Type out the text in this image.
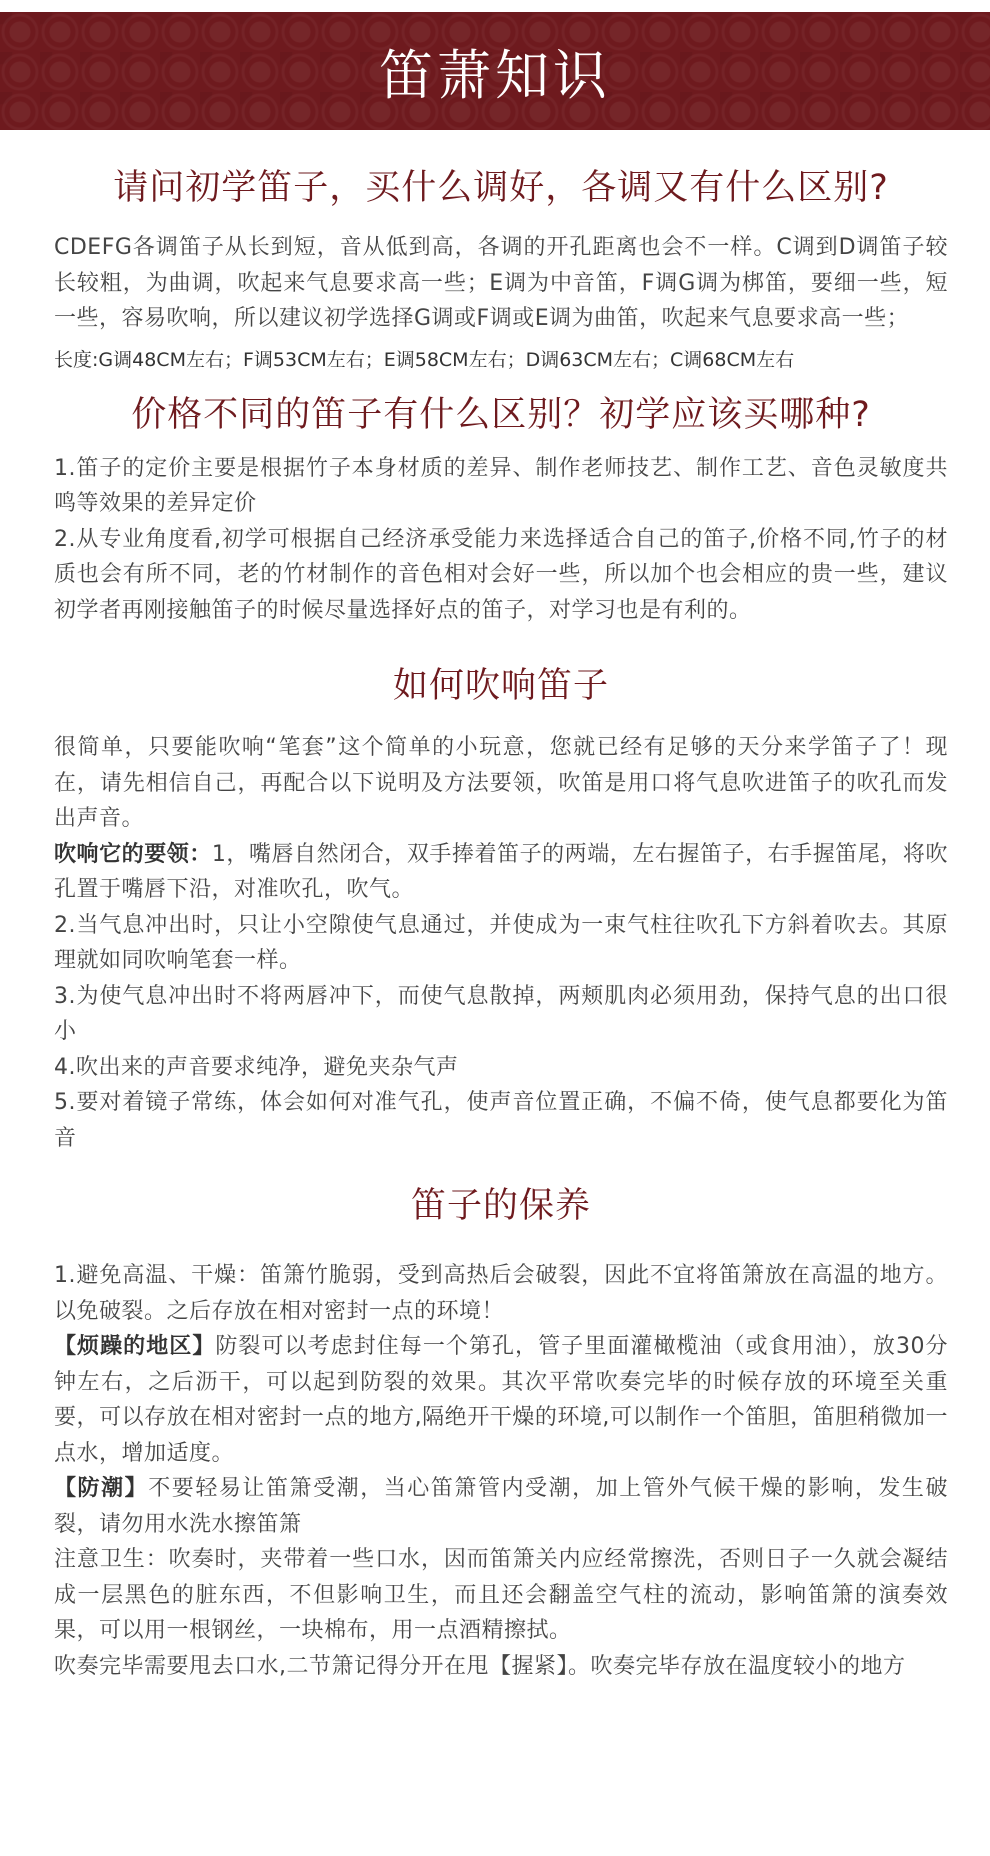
笛萧知识
请问初学笛子，买什么调好，各调又有什么区别?

CDEFG各调笛子从长到短，音从低到高，各调的开孔距离也会不一样。C调到D调笛子较长较粗，为曲调，吹起来气息要求高一些；E调为中音笛，F调G调为梆笛，要细一些，短一些，容易吹响，所以建议初学选择G调或F调或E调为曲笛，吹起来气息要求高一些；

长度:G调48CM左右；F调53CM左右；E调58CM左右；D调63CM左右；C调68CM左右

价格不同的笛子有什么区别？初学应该买哪种?

1.笛子的定价主要是根据竹子本身材质的差异、制作老师技艺、制作工艺、音色灵敏度共鸣等效果的差异定价

2.从专业角度看,初学可根据自己经济承受能力来选择适合自己的笛子,价格不同,竹子的材质也会有所不同，老的竹材制作的音色相对会好一些，所以加个也会相应的贵一些，建议初学者再刚接触笛子的时候尽量选择好点的笛子，对学习也是有利的。

如何吹响笛子

很简单，只要能吹响“笔套”这个简单的小玩意，您就已经有足够的天分来学笛子了！现在，请先相信自己，再配合以下说明及方法要领，吹笛是用口将气息吹进笛子的吹孔而发出声音。

吹响它的要领：1，嘴唇自然闭合，双手捧着笛子的两端，左右握笛子，右手握笛尾，将吹孔置于嘴唇下沿，对准吹孔，吹气。

2.当气息冲出时，只让小空隙使气息通过，并使成为一束气柱往吹孔下方斜着吹去。其原理就如同吹响笔套一样。

3.为使气息冲出时不将两唇冲下，而使气息散掉，两颊肌肉必须用劲，保持气息的出口很小

4.吹出来的声音要求纯净，避免夹杂气声

5.要对着镜子常练，体会如何对准气孔，使声音位置正确，不偏不倚，使气息都要化为笛音

笛子的保养

1.避免高温、干燥：笛箫竹脆弱，受到高热后会破裂，因此不宜将笛箫放在高温的地方。以免破裂。之后存放在相对密封一点的环境！

【烦躁的地区】防裂可以考虑封住每一个第孔，管子里面灌橄榄油（或食用油），放30分钟左右，之后沥干，可以起到防裂的效果。其次平常吹奏完毕的时候存放的环境至关重要，可以存放在相对密封一点的地方,隔绝开干燥的环境,可以制作一个笛胆，笛胆稍微加一点水，增加适度。

【防潮】不要轻易让笛箫受潮，当心笛箫管内受潮，加上管外气候干燥的影响，发生破裂，请勿用水洗水擦笛箫

注意卫生：吹奏时，夹带着一些口水，因而笛箫关内应经常擦洗，否则日子一久就会凝结成一层黑色的脏东西，不但影响卫生，而且还会翻盖空气柱的流动，影响笛箫的演奏效果，可以用一根钢丝，一块棉布，用一点酒精擦拭。

吹奏完毕需要甩去口水,二节箫记得分开在甩【握紧】。吹奏完毕存放在温度较小的地方
